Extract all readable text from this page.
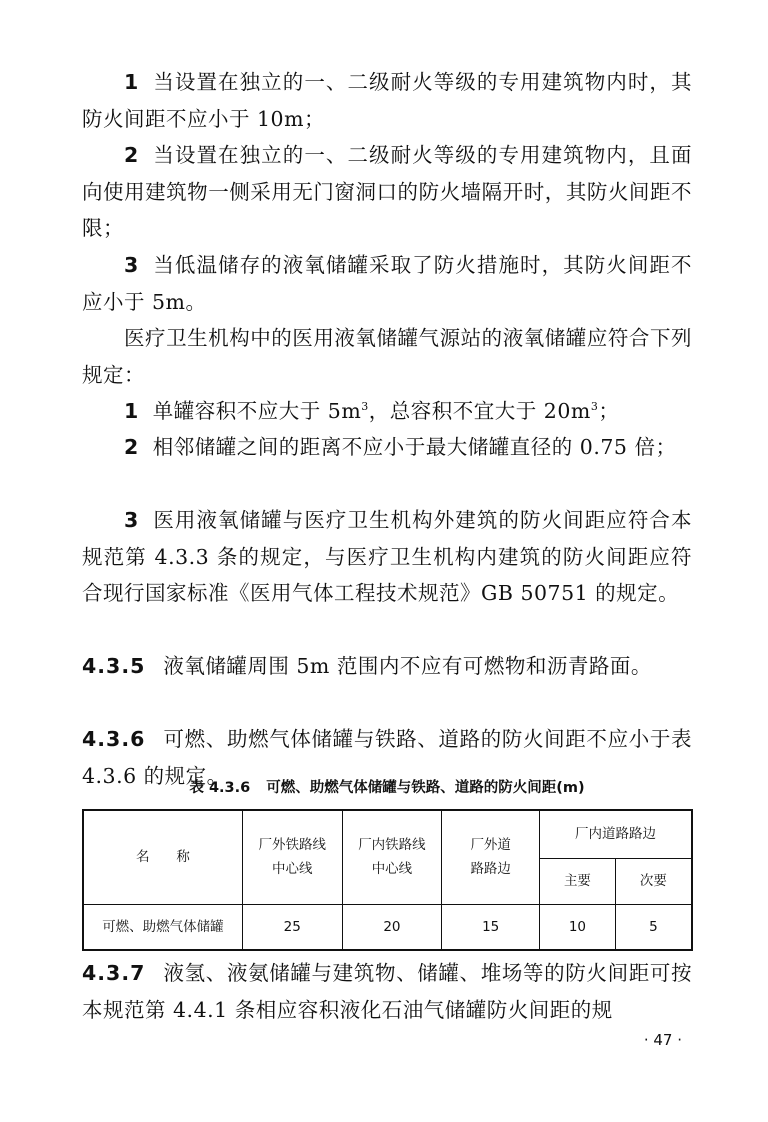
1 当设置在独立的一、二级耐火等级的专用建筑物内时，其防火间距不应小于 10m；

2 当设置在独立的一、二级耐火等级的专用建筑物内，且面向使用建筑物一侧采用无门窗洞口的防火墙隔开时，其防火间距不限；

3 当低温储存的液氧储罐采取了防火措施时，其防火间距不应小于 5m。

医疗卫生机构中的医用液氧储罐气源站的液氧储罐应符合下列规定：

1 单罐容积不应大于 $5m^3$，总容积不宜大于 $20m^3$；

2 相邻储罐之间的距离不应小于最大储罐直径的 0.75 倍；

3 医用液氧储罐与医疗卫生机构外建筑的防火间距应符合本规范第 4.3.3 条的规定，与医疗卫生机构内建筑的防火间距应符合现行国家标准《医用气体工程技术规范》GB 50751 的规定。

4.3.5 液氧储罐周围 5m 范围内不应有可燃物和沥青路面。

4.3.6 可燃、助燃气体储罐与铁路、道路的防火间距不应小于表 4.3.6 的规定。

表 4.3.6 可燃、助燃气体储罐与铁路、道路的防火间距(m)
名　　称	厂外铁路线中心线	厂内铁路线中心线	厂外道路路边	厂内道路路边	
				主要	次要
可燃、助燃气体储罐	25	20	15	10	5

4.3.7 液氢、液氨储罐与建筑物、储罐、堆场等的防火间距可按本规范第 4.4.1 条相应容积液化石油气储罐防火间距的规

· 47 ·
